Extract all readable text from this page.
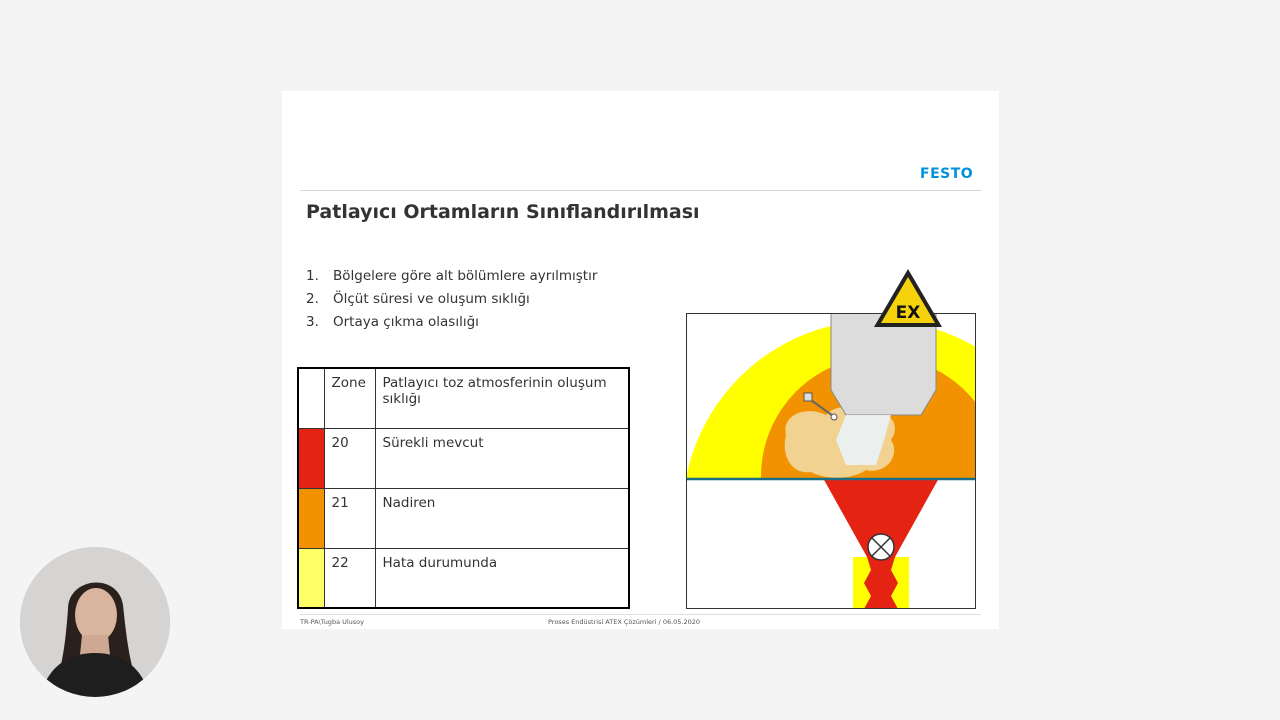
FESTO
Patlayıcı Ortamların Sınıflandırılması
1. Bölgelere göre alt bölümlere ayrılmıştır
2. Ölçüt süresi ve oluşum sıklığı
3. Ortaya çıkma olasılığı
	Zone	Patlayıcı toz atmosferinin oluşum sıklığı
	20	Sürekli mevcut
	21	Nadiren
	22	Hata durumunda
EX
TR-PA\Tugba Ulusoy	Proses Endüstrisi ATEX Çözümleri / 06.05.2020
